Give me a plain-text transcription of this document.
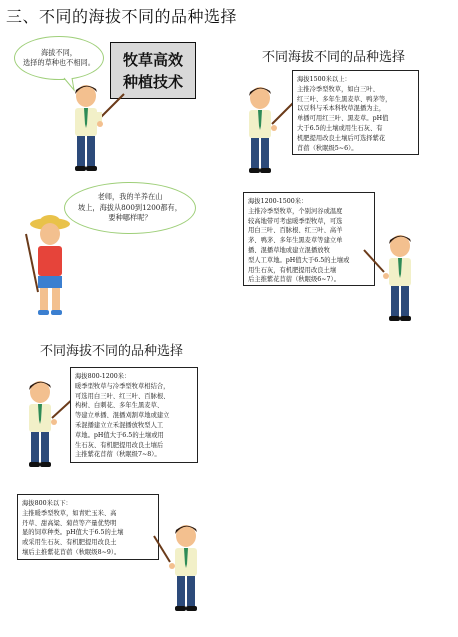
三、不同的海拔不同的品种选择
海拔不同，
选择的草种也不相同。	牧草高效
种植技术
不同海拔不同的品种选择
海拔1500米以上：
主推冷季型牧草，如白三叶、
红三叶、多年生黑麦草、鸭茅等，
以豆科与禾本科牧草混播为主，
单播可用红三叶、黑麦草。pH值
大于6.5的土壤或用生石灰、有
机肥提用改良土壤后可选择紫花
苜蓿（秋眠级5~6）。
老师，我的羊养在山
坡上，海拔从800到1200都有，
要种哪样呢？
海拔1200-1500米：
主推冷季型牧草，个别河谷或温度
较高地带可考虑暖季型牧草，可选
用白三叶、百脉根、红三叶、高羊
茅、鸭茅、多年生黑麦草等建立单
播、混播草地或建立混播放牧
型人工草地。pH值大于6.5的土壤或
用生石灰，有机肥提用改良土壤
后主推紫花苜蓿（秋眠级6~7）。
不同海拔不同的品种选择
海拔800-1200米：
暖季型牧草与冷季型牧草相结合，
可选用白三叶、红三叶、百脉根、
构树、白刺花、多年生黑麦草、
等建立单播、混播刈割草地或建立
禾混播建立立禾混播放牧型人工
草地。pH值大于6.5的土壤或用
生石灰、有机肥提用改良土壤后
主推紫花苜蓿（秋眠级7~8）。
海拔800米以下：
主推暖季型牧草，如青贮玉米、高
丹草、甜高粱、菊苣等产量优势明
显的饲草种类。pH值大于6.5的土壤
或采用生石灰、有机肥提用改良土
壤后主推紫花苜蓿（秋眠级8~9）。
